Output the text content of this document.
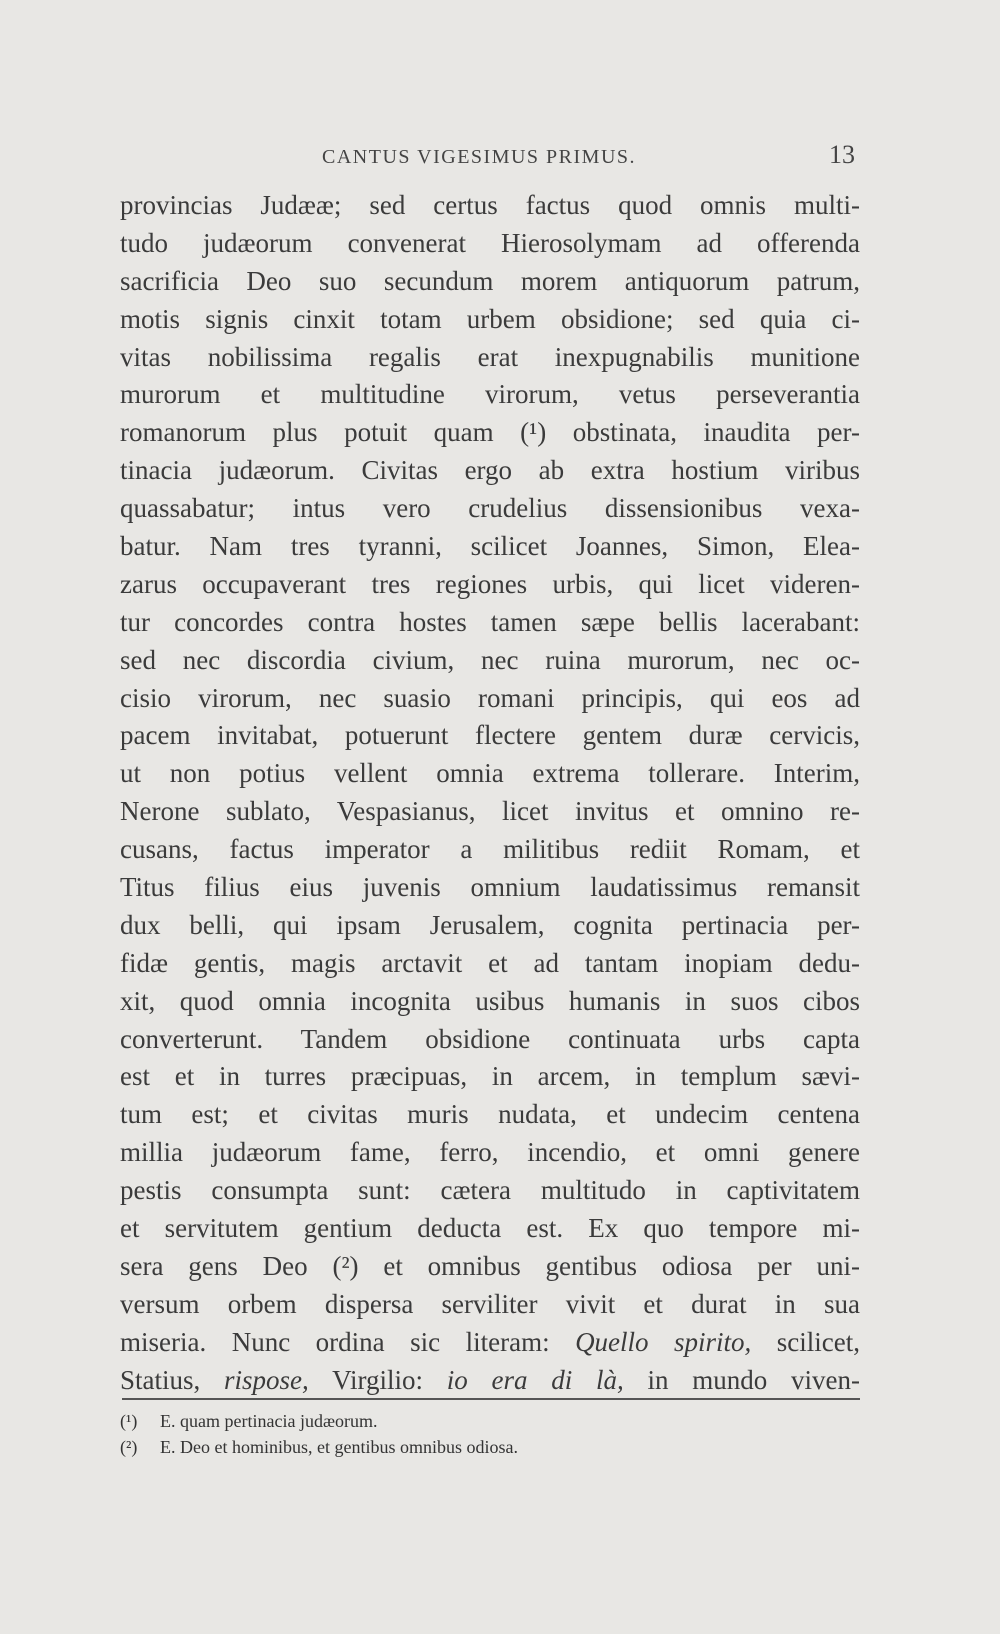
CANTUS VIGESIMUS PRIMUS.	13
provincias Judææ; sed certus factus quod omnis multi-
tudo judæorum convenerat Hierosolymam ad offerenda
sacrificia Deo suo secundum morem antiquorum patrum,
motis signis cinxit totam urbem obsidione; sed quia ci-
vitas nobilissima regalis erat inexpugnabilis munitione
murorum et multitudine virorum, vetus perseverantia
romanorum plus potuit quam (¹) obstinata, inaudita per-
tinacia judæorum. Civitas ergo ab extra hostium viribus
quassabatur; intus vero crudelius dissensionibus vexa-
batur. Nam tres tyranni, scilicet Joannes, Simon, Elea-
zarus occupaverant tres regiones urbis, qui licet videren-
tur concordes contra hostes tamen sæpe bellis lacerabant:
sed nec discordia civium, nec ruina murorum, nec oc-
cisio virorum, nec suasio romani principis, qui eos ad
pacem invitabat, potuerunt flectere gentem duræ cervicis,
ut non potius vellent omnia extrema tollerare. Interim,
Nerone sublato, Vespasianus, licet invitus et omnino re-
cusans, factus imperator a militibus rediit Romam, et
Titus filius eius juvenis omnium laudatissimus remansit
dux belli, qui ipsam Jerusalem, cognita pertinacia per-
fidæ gentis, magis arctavit et ad tantam inopiam dedu-
xit, quod omnia incognita usibus humanis in suos cibos
converterunt. Tandem obsidione continuata urbs capta
est et in turres præcipuas, in arcem, in templum sævi-
tum est; et civitas muris nudata, et undecim centena
millia judæorum fame, ferro, incendio, et omni genere
pestis consumpta sunt: cætera multitudo in captivitatem
et servitutem gentium deducta est. Ex quo tempore mi-
sera gens Deo (²) et omnibus gentibus odiosa per uni-
versum orbem dispersa serviliter vivit et durat in sua
miseria. Nunc ordina sic literam: Quello spirito, scilicet,
Statius, rispose, Virgilio: io era di là, in mundo viven-
(¹) E. quam pertinacia judæorum.
(²) E. Deo et hominibus, et gentibus omnibus odiosa.
